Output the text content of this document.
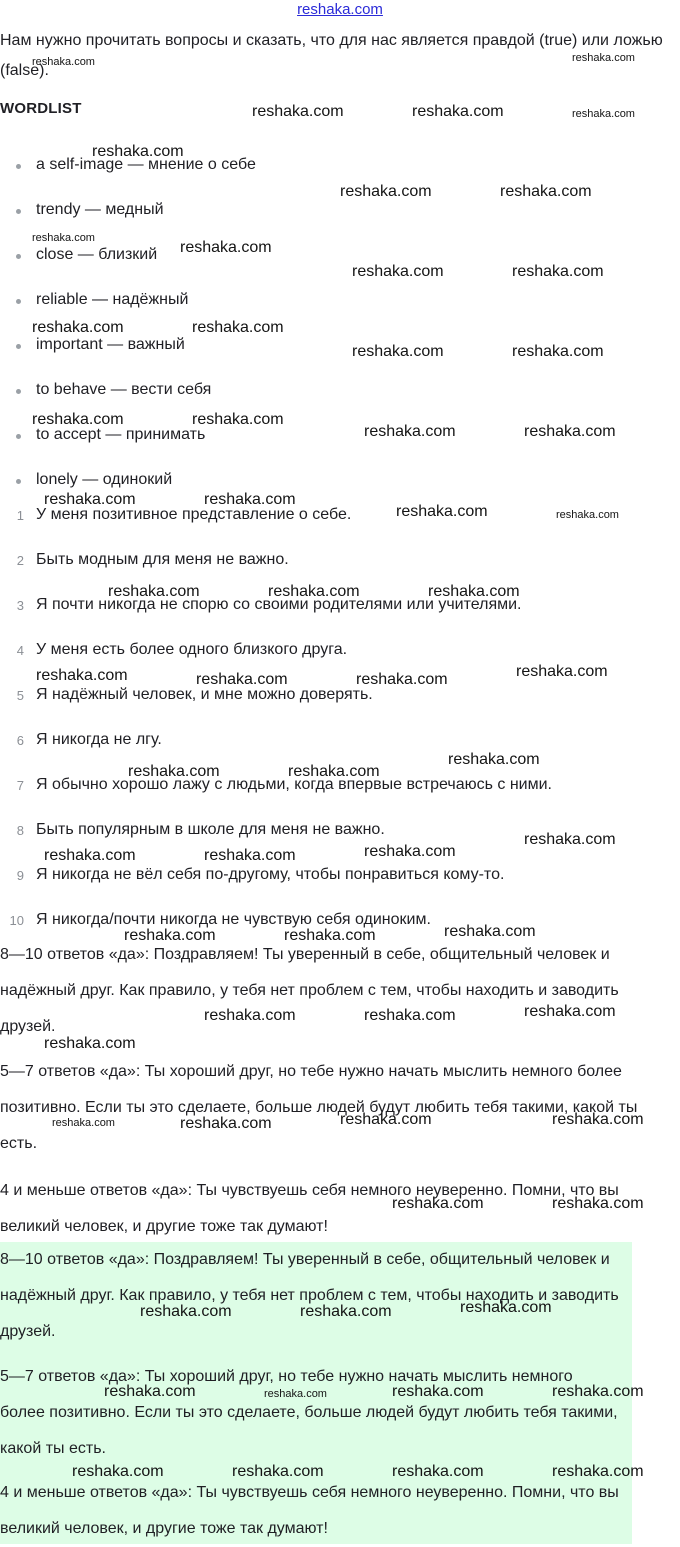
reshaka.com

Нам нужно прочитать вопросы и сказать, что для нас является правдой (true) или ложью (false).

WORDLIST
a self-image — мнение о себе
trendy — медный
close — близкий
reliable — надёжный
important — важный
to behave — вести себя
to accept — принимать
lonely — одинокий
1 У меня позитивное представление о себе.
2 Быть модным для меня не важно.
3 Я почти никогда не спорю со своими родителями или учителями.
4 У меня есть более одного близкого друга.
5 Я надёжный человек, и мне можно доверять.
6 Я никогда не лгу.
7 Я обычно хорошо лажу с людьми, когда впервые встречаюсь с ними.
8 Быть популярным в школе для меня не важно.
9 Я никогда не вёл себя по-другому, чтобы понравиться кому-то.
10 Я никогда/почти никогда не чувствую себя одиноким.

8—10 ответов «да»: Поздравляем! Ты уверенный в себе, общительный человек и надёжный друг. Как правило, у тебя нет проблем с тем, чтобы находить и заводить друзей.

5—7 ответов «да»: Ты хороший друг, но тебе нужно начать мыслить немного более позитивно. Если ты это сделаете, больше людей будут любить тебя такими, какой ты есть.

4 и меньше ответов «да»: Ты чувствуешь себя немного неуверенно. Помни, что вы великий человек, и другие тоже так думают!

8—10 ответов «да»: Поздравляем! Ты уверенный в себе, общительный человек и надёжный друг. Как правило, у тебя нет проблем с тем, чтобы находить и заводить друзей.

5—7 ответов «да»: Ты хороший друг, но тебе нужно начать мыслить немного более позитивно. Если ты это сделаете, больше людей будут любить тебя такими, какой ты есть.

4 и меньше ответов «да»: Ты чувствуешь себя немного неуверенно. Помни, что вы великий человек, и другие тоже так думают!

reshaka.com	reshaka.com
reshaka.com	reshaka.com	reshaka.com
reshaka.com
reshaka.com	reshaka.com
reshaka.com
reshaka.com
reshaka.com	reshaka.com
reshaka.com	reshaka.com
reshaka.com	reshaka.com
reshaka.com	reshaka.com
reshaka.com	reshaka.com
reshaka.com	reshaka.com
reshaka.com	reshaka.com
reshaka.com	reshaka.com	reshaka.com
reshaka.com	reshaka.com	reshaka.com	reshaka.com
reshaka.com
reshaka.com	reshaka.com
reshaka.com
reshaka.com
reshaka.com	reshaka.com
reshaka.com
reshaka.com	reshaka.com
reshaka.com	reshaka.com	reshaka.com
reshaka.com
reshaka.com	reshaka.com	reshaka.com	reshaka.com
reshaka.com	reshaka.com
reshaka.com	reshaka.com	reshaka.com
reshaka.com	reshaka.com	reshaka.com	reshaka.com
reshaka.com	reshaka.com	reshaka.com	reshaka.com
